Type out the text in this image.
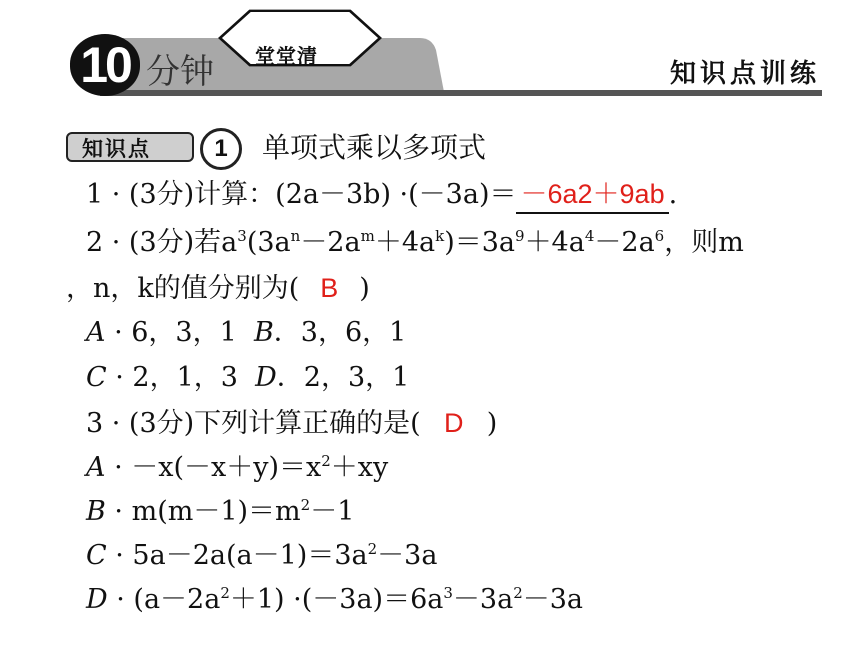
10 分钟 堂堂清
知识点训练
知识点	1	单项式乘以多项式
1 · (3分)计算：(2a－3b) ·(－3a)＝ －6a2＋9ab .
2 · (3分)若$a^3(3a^n-2a^m+4a^k)=3a^9+4a^4-2a^6$，则m
，n，k的值分别为( B )
A · 6，3，1  B．3，6，1
C · 2，1，3  D．2，3，1
3 · (3分)下列计算正确的是( D )
$A \cdot -x(-x+y)=x^2+xy$
$B \cdot m(m-1)=m^2-1$
$C \cdot 5a-2a(a-1)=3a^2-3a$
$D \cdot (a-2a^2+1) \cdot(-3a)=6a^3-3a^2-3a$
